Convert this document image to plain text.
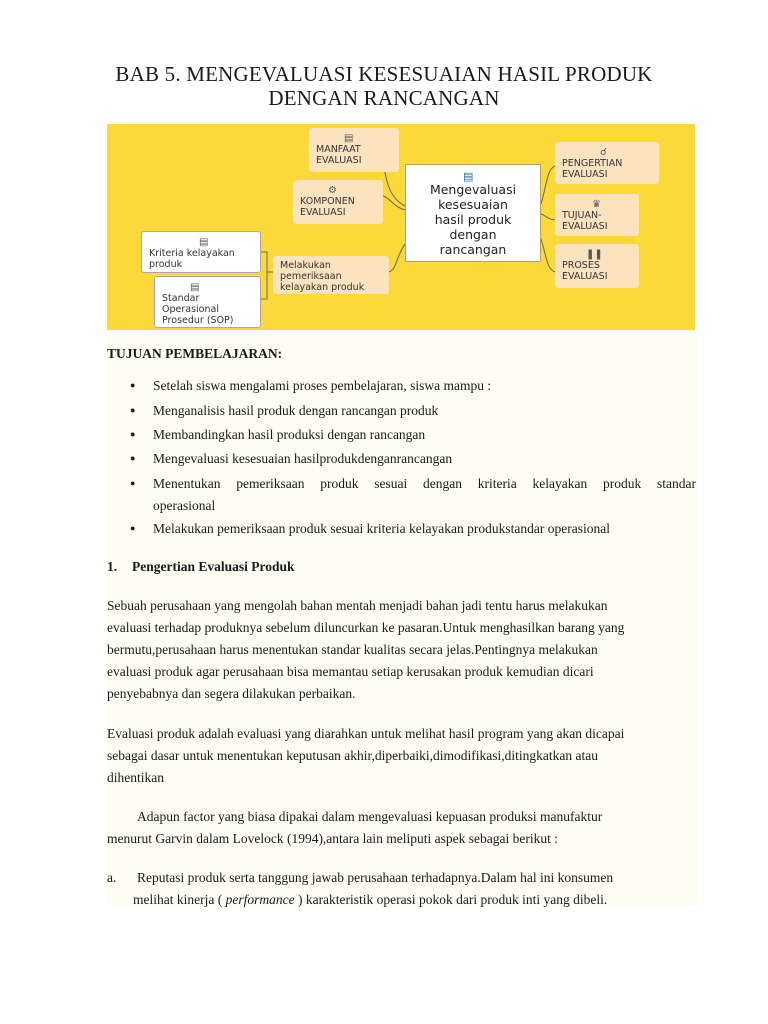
BAB 5. MENGEVALUASI KESESUAIAN HASIL PRODUK
DENGAN RANCANGAN
▤
Mengevaluasi
kesesuaian
hasil produk
dengan
rancangan
▤
MANFAAT
EVALUASI
⚙
KOMPONEN
EVALUASI
Melakukan
pemeriksaan
kelayakan produk
▤
Kriteria kelayakan
produk
▤
Standar
Operasional
Prosedur (SOP)
☌
PENGERTIAN
EVALUASI
♛
TUJUAN-
EVALUASI
❚❚
PROSES
EVALUASI
TUJUAN PEMBELAJARAN:
● Setelah siswa mengalami proses pembelajaran, siswa mampu :
● Menganalisis hasil produk dengan rancangan produk
● Membandingkan hasil produksi dengan rancangan
● Mengevaluasi kesesuaian hasilprodukdenganrancangan
● Menentukan pemeriksaan produk sesuai dengan kriteria kelayakan produk standar
operasional
● Melakukan pemeriksaan produk sesuai kriteria kelayakan produkstandar operasional
1. Pengertian Evaluasi Produk
Sebuah perusahaan yang mengolah bahan mentah menjadi bahan jadi tentu harus melakukan
evaluasi terhadap produknya sebelum diluncurkan ke pasaran.Untuk menghasilkan barang yang
bermutu,perusahaan harus menentukan standar kualitas secara jelas.Pentingnya melakukan
evaluasi produk agar perusahaan bisa memantau setiap kerusakan produk kemudian dicari
penyebabnya dan segera dilakukan perbaikan.
Evaluasi produk adalah evaluasi yang diarahkan untuk melihat hasil program yang akan dicapai
sebagai dasar untuk menentukan keputusan akhir,diperbaiki,dimodifikasi,ditingkatkan atau
dihentikan
Adapun factor yang biasa dipakai dalam mengevaluasi kepuasan produksi manufaktur
menurut Garvin dalam Lovelock (1994),antara lain meliputi aspek sebagai berikut :
a. Reputasi produk serta tanggung jawab perusahaan terhadapnya.Dalam hal ini konsumen
melihat kinerja ( performance ) karakteristik operasi pokok dari produk inti yang dibeli.
